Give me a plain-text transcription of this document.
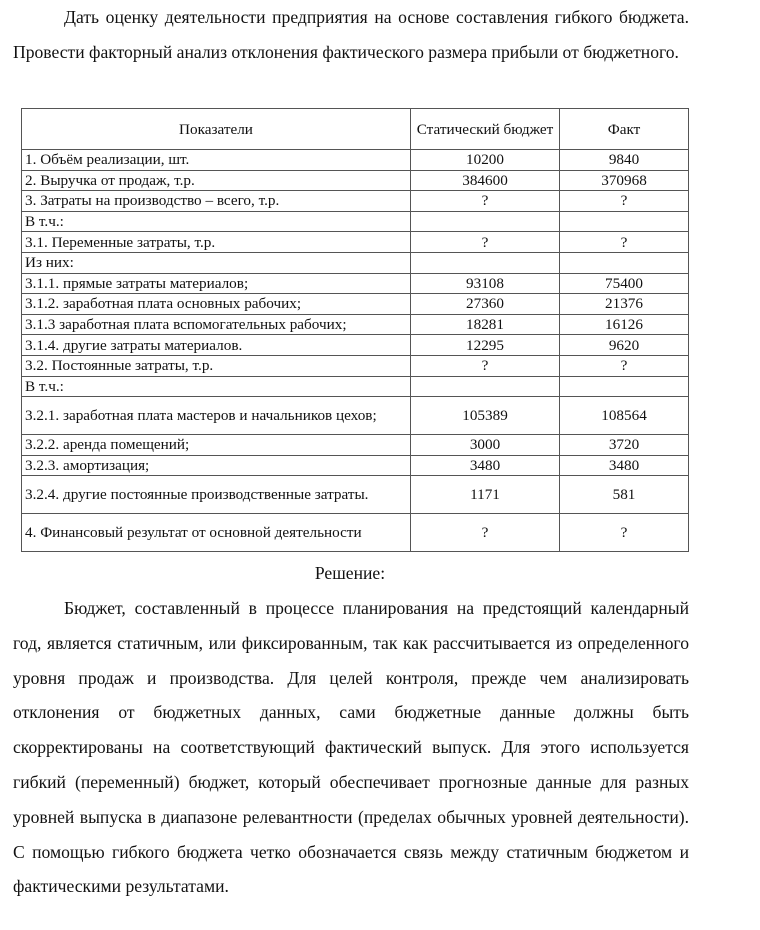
Дать оценку деятельности предприятия на основе составления гибкого бюджета. Провести факторный анализ отклонения фактического размера прибыли от бюджетного.

Показатели	Статический бюджет	Факт
1. Объём реализации, шт.	10200	9840
2. Выручка от продаж, т.р.	384600	370968
3. Затраты на производство – всего, т.р.	?	?
В т.ч.:		
3.1. Переменные затраты, т.р.	?	?
Из них:		
3.1.1. прямые затраты материалов;	93108	75400
3.1.2. заработная плата основных рабочих;	27360	21376
3.1.3 заработная плата вспомогательных рабочих;	18281	16126
3.1.4. другие затраты материалов.	12295	9620
3.2. Постоянные затраты, т.р.	?	?
В т.ч.:		
3.2.1. заработная плата мастеров и начальников цехов;	105389	108564
3.2.2. аренда помещений;	3000	3720
3.2.3. амортизация;	3480	3480
3.2.4. другие постоянные производственные затраты.	1171	581
4. Финансовый результат от основной деятельности	?	?
Решение:

Бюджет, составленный в процессе планирования на предстоящий календарный год, является статичным, или фиксированным, так как рассчитывается из определенного уровня продаж и производства. Для целей контроля, прежде чем анализировать отклонения от бюджетных данных, сами бюджетные данные должны быть скорректированы на соответствующий фактический выпуск. Для этого используется гибкий (переменный) бюджет, который обеспечивает прогнозные данные для разных уровней выпуска в диапазоне релевантности (пределах обычных уровней деятельности). С помощью гибкого бюджета четко обозначается связь между статичным бюджетом и фактическими результатами.
